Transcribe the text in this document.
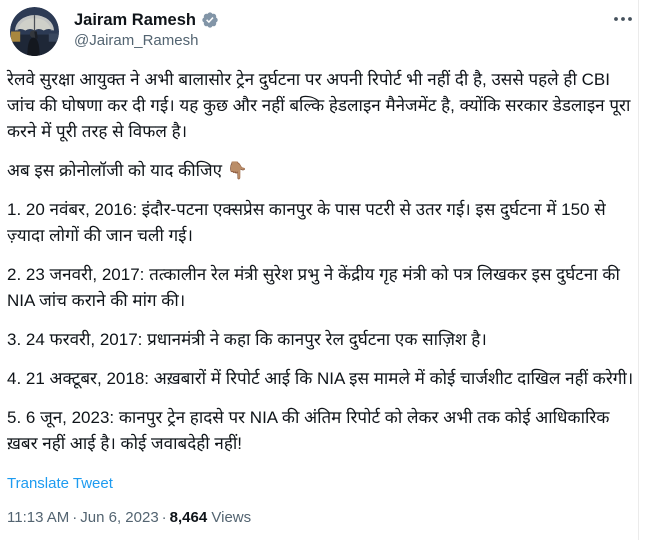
Jairam Ramesh
@Jairam_Ramesh

रेलवे सुरक्षा आयुक्त ने अभी बालासोर ट्रेन दुर्घटना पर अपनी रिपोर्ट भी नहीं दी है, उससे पहले ही CBI जांच की घोषणा कर दी गई। यह कुछ और नहीं बल्कि हेडलाइन मैनेजमेंट है, क्योंकि सरकार डेडलाइन पूरा करने में पूरी तरह से विफल है।

अब इस क्रोनोलॉजी को याद कीजिए 👇🏽

1. 20 नवंबर, 2016: इंदौर-पटना एक्सप्रेस कानपुर के पास पटरी से उतर गई। इस दुर्घटना में 150 से ज़्यादा लोगों की जान चली गई।

2. 23 जनवरी, 2017: तत्कालीन रेल मंत्री सुरेश प्रभु ने केंद्रीय गृह मंत्री को पत्र लिखकर इस दुर्घटना की NIA जांच कराने की मांग की।

3. 24 फरवरी, 2017: प्रधानमंत्री ने कहा कि कानपुर रेल दुर्घटना एक साज़िश है।

4. 21 अक्टूबर, 2018: अख़बारों में रिपोर्ट आई कि NIA इस मामले में कोई चार्जशीट दाखिल नहीं करेगी।

5. 6 जून, 2023: कानपुर ट्रेन हादसे पर NIA की अंतिम रिपोर्ट को लेकर अभी तक कोई आधिकारिक ख़बर नहीं आई है। कोई जवाबदेही नहीं!

Translate Tweet
11:13 AM · Jun 6, 2023 · 8,464 Views
